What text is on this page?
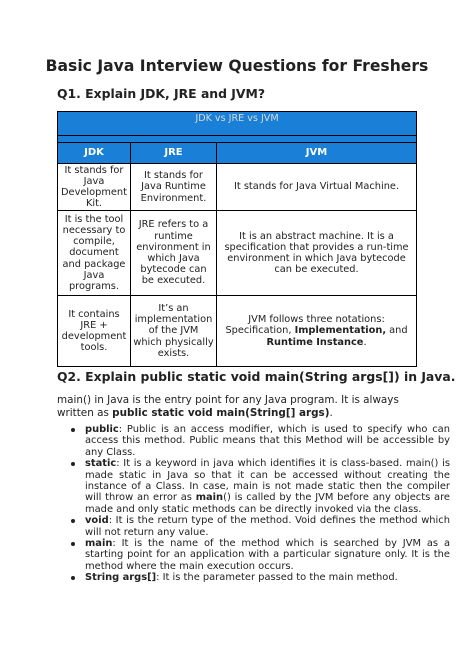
Basic Java Interview Questions for Freshers
Q1. Explain JDK, JRE and JVM?
JDK vs JRE vs JVM		

JDK	JRE	JVM
It stands for Java Development Kit.	It stands for Java Runtime Environment.	It stands for Java Virtual Machine.
It is the tool necessary to compile, document and package Java programs.	JRE refers to a runtime environment in which Java bytecode can be executed.	It is an abstract machine. It is a specification that provides a run-time environment in which Java bytecode can be executed.
It contains JRE + development tools.	It’s an implementation of the JVM which physically exists.	JVM follows three notations: Specification, Implementation, and Runtime Instance.
Q2. Explain public static void main(String args[]) in Java.
main() in Java is the entry point for any Java program. It is always written as public static void main(String[] args).
public: Public is an access modifier, which is used to specify who can access this method. Public means that this Method will be accessible by any Class.
static: It is a keyword in java which identifies it is class-based. main() is made static in Java so that it can be accessed without creating the instance of a Class. In case, main is not made static then the compiler will throw an error as main() is called by the JVM before any objects are made and only static methods can be directly invoked via the class.
void: It is the return type of the method. Void defines the method which will not return any value.
main: It is the name of the method which is searched by JVM as a starting point for an application with a particular signature only. It is the method where the main execution occurs.
String args[]: It is the parameter passed to the main method.
